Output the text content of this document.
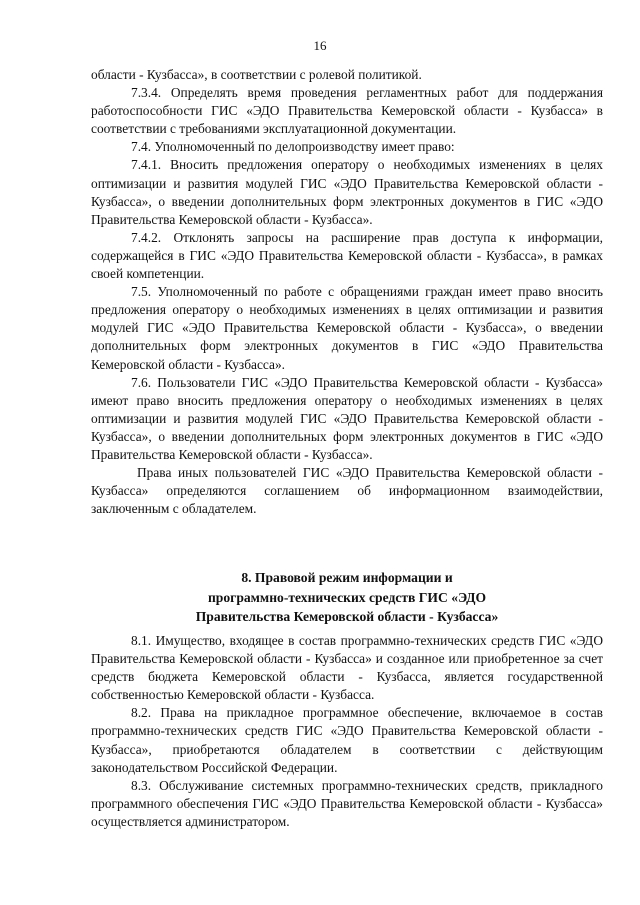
16

области - Кузбасса», в соответствии с ролевой политикой.

7.3.4. Определять время проведения регламентных работ для поддержания работоспособности ГИС «ЭДО Правительства Кемеровской области - Кузбасса» в соответствии с требованиями эксплуатационной документации.

7.4. Уполномоченный по делопроизводству имеет право:

7.4.1. Вносить предложения оператору о необходимых изменениях в целях оптимизации и развития модулей ГИС «ЭДО Правительства Кемеровской области - Кузбасса», о введении дополнительных форм электронных документов в ГИС «ЭДО Правительства Кемеровской области - Кузбасса».

7.4.2. Отклонять запросы на расширение прав доступа к информации, содержащейся в ГИС «ЭДО Правительства Кемеровской области - Кузбасса», в рамках своей компетенции.

7.5. Уполномоченный по работе с обращениями граждан имеет право вносить предложения оператору о необходимых изменениях в целях оптимизации и развития модулей ГИС «ЭДО Правительства Кемеровской области - Кузбасса», о введении дополнительных форм электронных документов в ГИС «ЭДО Правительства Кемеровской области - Кузбасса».

7.6. Пользователи ГИС «ЭДО Правительства Кемеровской области - Кузбасса» имеют право вносить предложения оператору о необходимых изменениях в целях оптимизации и развития модулей ГИС «ЭДО Правительства Кемеровской области - Кузбасса», о введении дополнительных форм электронных документов в ГИС «ЭДО Правительства Кемеровской области - Кузбасса».

Права иных пользователей ГИС «ЭДО Правительства Кемеровской области - Кузбасса» определяются соглашением об информационном взаимодействии, заключенным с обладателем.

8. Правовой режим информации и
программно-технических средств ГИС «ЭДО
Правительства Кемеровской области - Кузбасса»

8.1. Имущество, входящее в состав программно-технических средств ГИС «ЭДО Правительства Кемеровской области - Кузбасса» и созданное или приобретенное за счет средств бюджета Кемеровской области - Кузбасса, является государственной собственностью Кемеровской области - Кузбасса.

8.2. Права на прикладное программное обеспечение, включаемое в состав программно-технических средств ГИС «ЭДО Правительства Кемеровской области - Кузбасса», приобретаются обладателем в соответствии с действующим законодательством Российской Федерации.

8.3. Обслуживание системных программно-технических средств, прикладного программного обеспечения ГИС «ЭДО Правительства Кемеровской области - Кузбасса» осуществляется администратором.
